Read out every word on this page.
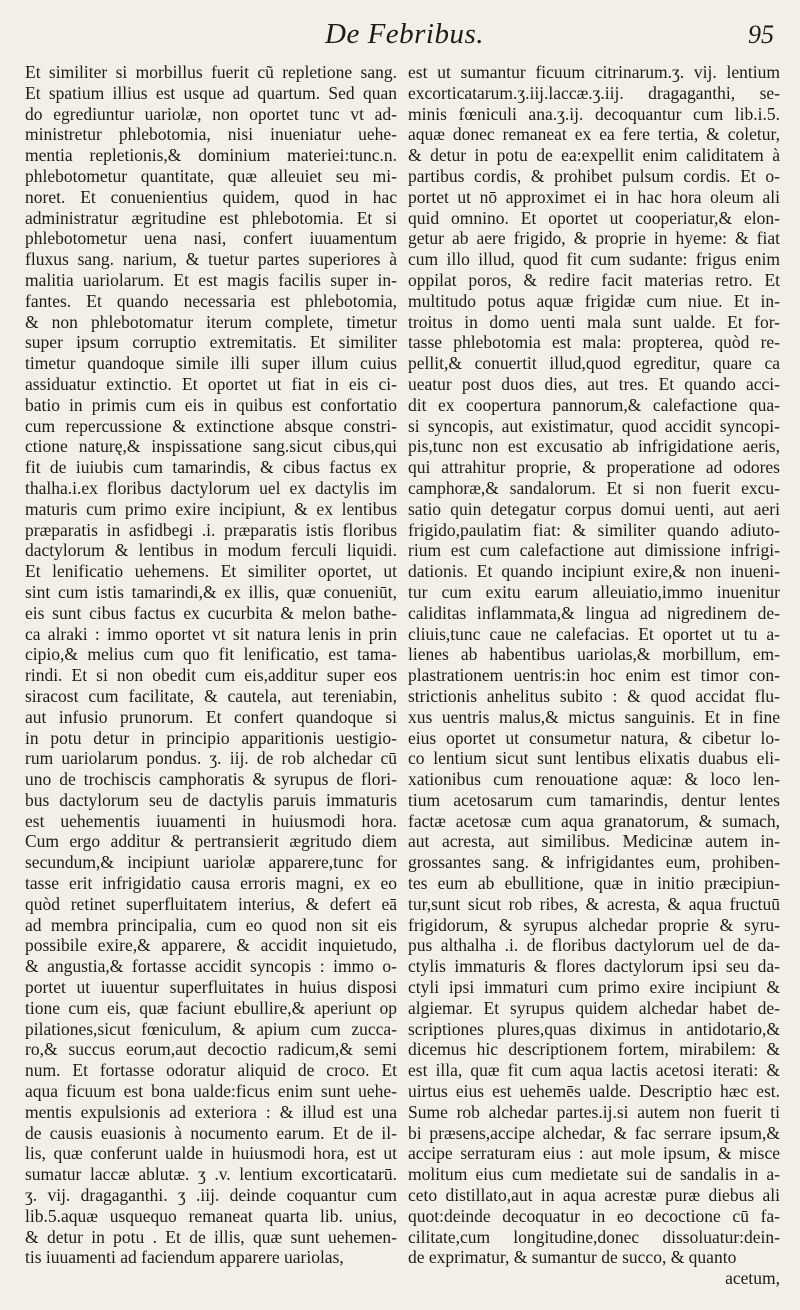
De Febribus.	95
Et similiter si morbillus fuerit cũ repletione sang.
Et spatium illius est usque ad quartum. Sed quan
do egrediuntur uariolæ, non oportet tunc vt ad-
ministretur phlebotomia, nisi inueniatur uehe-
mentia repletionis,& dominium materiei:tunc.n.
phlebotometur quantitate, quæ alleuiet seu mi-
noret. Et conuenientius quidem, quod in hac
administratur ægritudine est phlebotomia. Et si
phlebotometur uena nasi, confert iuuamentum
fluxus sang. narium, & tuetur partes superiores à
malitia uariolarum. Et est magis facilis super in-
fantes. Et quando necessaria est phlebotomia,
& non phlebotomatur iterum complete, timetur
super ipsum corruptio extremitatis. Et similiter
timetur quandoque simile illi super illum cuius
assiduatur extinctio. Et oportet ut fiat in eis ci-
batio in primis cum eis in quibus est confortatio
cum repercussione & extinctione absque constri-
ctione naturę,& inspissatione sang.sicut cibus,qui
fit de iuiubis cum tamarindis, & cibus factus ex
thalha.i.ex floribus dactylorum uel ex dactylis im
maturis cum primo exire incipiunt, & ex lentibus
præparatis in asfidbegi .i. præparatis istis floribus
dactylorum & lentibus in modum ferculi liquidi.
Et lenificatio uehemens. Et similiter oportet, ut
sint cum istis tamarindi,& ex illis, quæ conueniūt,
eis sunt cibus factus ex cucurbita & melon bathe-
ca alraki : immo oportet vt sit natura lenis in prin
cipio,& melius cum quo fit lenificatio, est tama-
rindi. Et si non obedit cum eis,additur super eos
siracost cum facilitate, & cautela, aut tereniabin,
aut infusio prunorum. Et confert quandoque si
in potu detur in principio apparitionis uestigio-
rum uariolarum pondus. ʒ. iij. de rob alchedar cū
uno de trochiscis camphoratis & syrupus de flori-
bus dactylorum seu de dactylis paruis immaturis
est uehementis iuuamenti in huiusmodi hora.
Cum ergo additur & pertransierit ægritudo diem
secundum,& incipiunt uariolæ apparere,tunc for
tasse erit infrigidatio causa erroris magni, ex eo
quòd retinet superfluitatem interius, & defert eā
ad membra principalia, cum eo quod non sit eis
possibile exire,& apparere, & accidit inquietudo,
& angustia,& fortasse accidit syncopis : immo o-
portet ut iuuentur superfluitates in huius disposi
tione cum eis, quæ faciunt ebullire,& aperiunt op
pilationes,sicut fœniculum, & apium cum zucca-
ro,& succus eorum,aut decoctio radicum,& semi
num. Et fortasse odoratur aliquid de croco. Et
aqua ficuum est bona ualde:ficus enim sunt uehe-
mentis expulsionis ad exteriora : & illud est una
de causis euasionis à nocumento earum. Et de il-
lis, quæ conferunt ualde in huiusmodi hora, est ut
sumatur laccæ ablutæ. ʒ .v. lentium excorticatarū.
ʒ. vij. dragaganthi. ʒ .iij. deinde coquantur cum
lib.5.aquæ usquequo remaneat quarta lib. unius,
& detur in potu . Et de illis, quæ sunt uehemen-
tis iuuamenti ad faciendum apparere uariolas,
est ut sumantur ficuum citrinarum.ʒ. vij. lentium
excorticatarum.ʒ.iij.laccæ.ʒ.iij. dragaganthi, se-
minis fœniculi ana.ʒ.ij. decoquantur cum lib.i.5.
aquæ donec remaneat ex ea fere tertia, & coletur,
& detur in potu de ea:expellit enim caliditatem à
partibus cordis, & prohibet pulsum cordis. Et o-
portet ut nō approximet ei in hac hora oleum ali
quid omnino. Et oportet ut cooperiatur,& elon-
getur ab aere frigido, & proprie in hyeme: & fiat
cum illo illud, quod fit cum sudante: frigus enim
oppilat poros, & redire facit materias retro. Et
multitudo potus aquæ frigidæ cum niue. Et in-
troitus in domo uenti mala sunt ualde. Et for-
tasse phlebotomia est mala: propterea, quòd re-
pellit,& conuertit illud,quod egreditur, quare ca
ueatur post duos dies, aut tres. Et quando acci-
dit ex coopertura pannorum,& calefactione qua-
si syncopis, aut existimatur, quod accidit syncopi-
pis,tunc non est excusatio ab infrigidatione aeris,
qui attrahitur proprie, & properatione ad odores
camphoræ,& sandalorum. Et si non fuerit excu-
satio quin detegatur corpus domui uenti, aut aeri
frigido,paulatim fiat: & similiter quando adiuto-
rium est cum calefactione aut dimissione infrigi-
dationis. Et quando incipiunt exire,& non inueni-
tur cum exitu earum alleuiatio,immo inuenitur
caliditas inflammata,& lingua ad nigredinem de-
cliuis,tunc caue ne calefacias. Et oportet ut tu a-
lienes ab habentibus uariolas,& morbillum, em-
plastrationem uentris:in hoc enim est timor con-
strictionis anhelitus subito : & quod accidat flu-
xus uentris malus,& mictus sanguinis. Et in fine
eius oportet ut consumetur natura, & cibetur lo-
co lentium sicut sunt lentibus elixatis duabus eli-
xationibus cum renouatione aquæ: & loco len-
tium acetosarum cum tamarindis, dentur lentes
factæ acetosæ cum aqua granatorum, & sumach,
aut acresta, aut similibus. Medicinæ autem in-
grossantes sang. & infrigidantes eum, prohiben-
tes eum ab ebullitione, quæ in initio præcipiun-
tur,sunt sicut rob ribes, & acresta, & aqua fructuū
frigidorum, & syrupus alchedar proprie & syru-
pus althalha .i. de floribus dactylorum uel de da-
ctylis immaturis & flores dactylorum ipsi seu da-
ctyli ipsi immaturi cum primo exire incipiunt &
algiemar. Et syrupus quidem alchedar habet de-
scriptiones plures,quas diximus in antidotario,&
dicemus hic descriptionem fortem, mirabilem: &
est illa, quæ fit cum aqua lactis acetosi iterati: &
uirtus eius est uehemēs ualde. Descriptio hæc est.
Sume rob alchedar partes.ij.si autem non fuerit ti
bi præsens,accipe alchedar, & fac serrare ipsum,&
accipe serraturam eius : aut mole ipsum, & misce
molitum eius cum medietate sui de sandalis in a-
ceto distillato,aut in aqua acrestæ puræ diebus ali
quot:deinde decoquatur in eo decoctione cū fa-
cilitate,cum longitudine,donec dissoluatur:dein-
de exprimatur, & sumantur de succo, & quanto
acetum,
